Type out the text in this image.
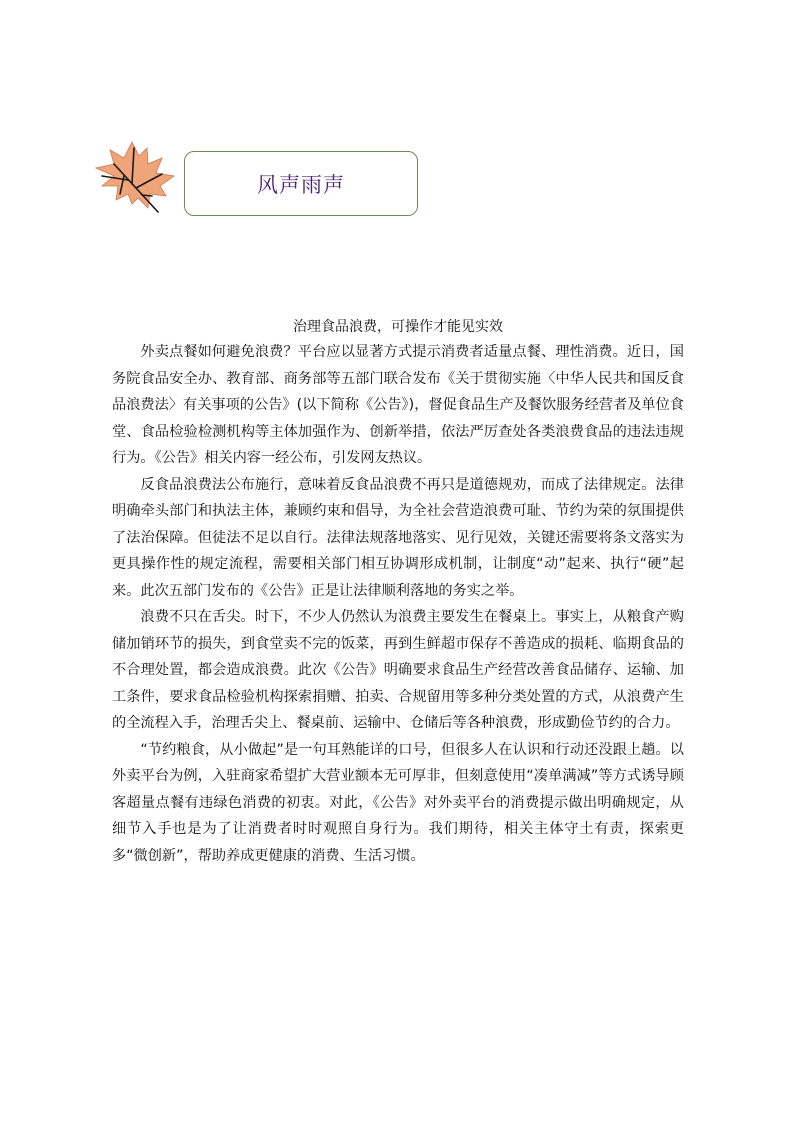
风声雨声
治理食品浪费，可操作才能见实效

外卖点餐如何避免浪费？平台应以显著方式提示消费者适量点餐、理性消费。近日，国务院食品安全办、教育部、商务部等五部门联合发布《关于贯彻实施〈中华人民共和国反食品浪费法〉有关事项的公告》(以下简称《公告》)，督促食品生产及餐饮服务经营者及单位食堂、食品检验检测机构等主体加强作为、创新举措，依法严厉查处各类浪费食品的违法违规行为。《公告》相关内容一经公布，引发网友热议。

反食品浪费法公布施行，意味着反食品浪费不再只是道德规劝，而成了法律规定。法律明确牵头部门和执法主体，兼顾约束和倡导，为全社会营造浪费可耻、节约为荣的氛围提供了法治保障。但徒法不足以自行。法律法规落地落实、见行见效，关键还需要将条文落实为更具操作性的规定流程，需要相关部门相互协调形成机制，让制度“动”起来、执行“硬”起来。此次五部门发布的《公告》正是让法律顺利落地的务实之举。

浪费不只在舌尖。时下，不少人仍然认为浪费主要发生在餐桌上。事实上，从粮食产购储加销环节的损失，到食堂卖不完的饭菜，再到生鲜超市保存不善造成的损耗、临期食品的不合理处置，都会造成浪费。此次《公告》明确要求食品生产经营改善食品储存、运输、加工条件，要求食品检验机构探索捐赠、拍卖、合规留用等多种分类处置的方式，从浪费产生的全流程入手，治理舌尖上、餐桌前、运输中、仓储后等各种浪费，形成勤俭节约的合力。

“节约粮食，从小做起”是一句耳熟能详的口号，但很多人在认识和行动还没跟上趟。以外卖平台为例，入驻商家希望扩大营业额本无可厚非，但刻意使用“凑单满减”等方式诱导顾客超量点餐有违绿色消费的初衷。对此，《公告》对外卖平台的消费提示做出明确规定，从细节入手也是为了让消费者时时观照自身行为。我们期待，相关主体守土有责，探索更多“微创新”，帮助养成更健康的消费、生活习惯。
